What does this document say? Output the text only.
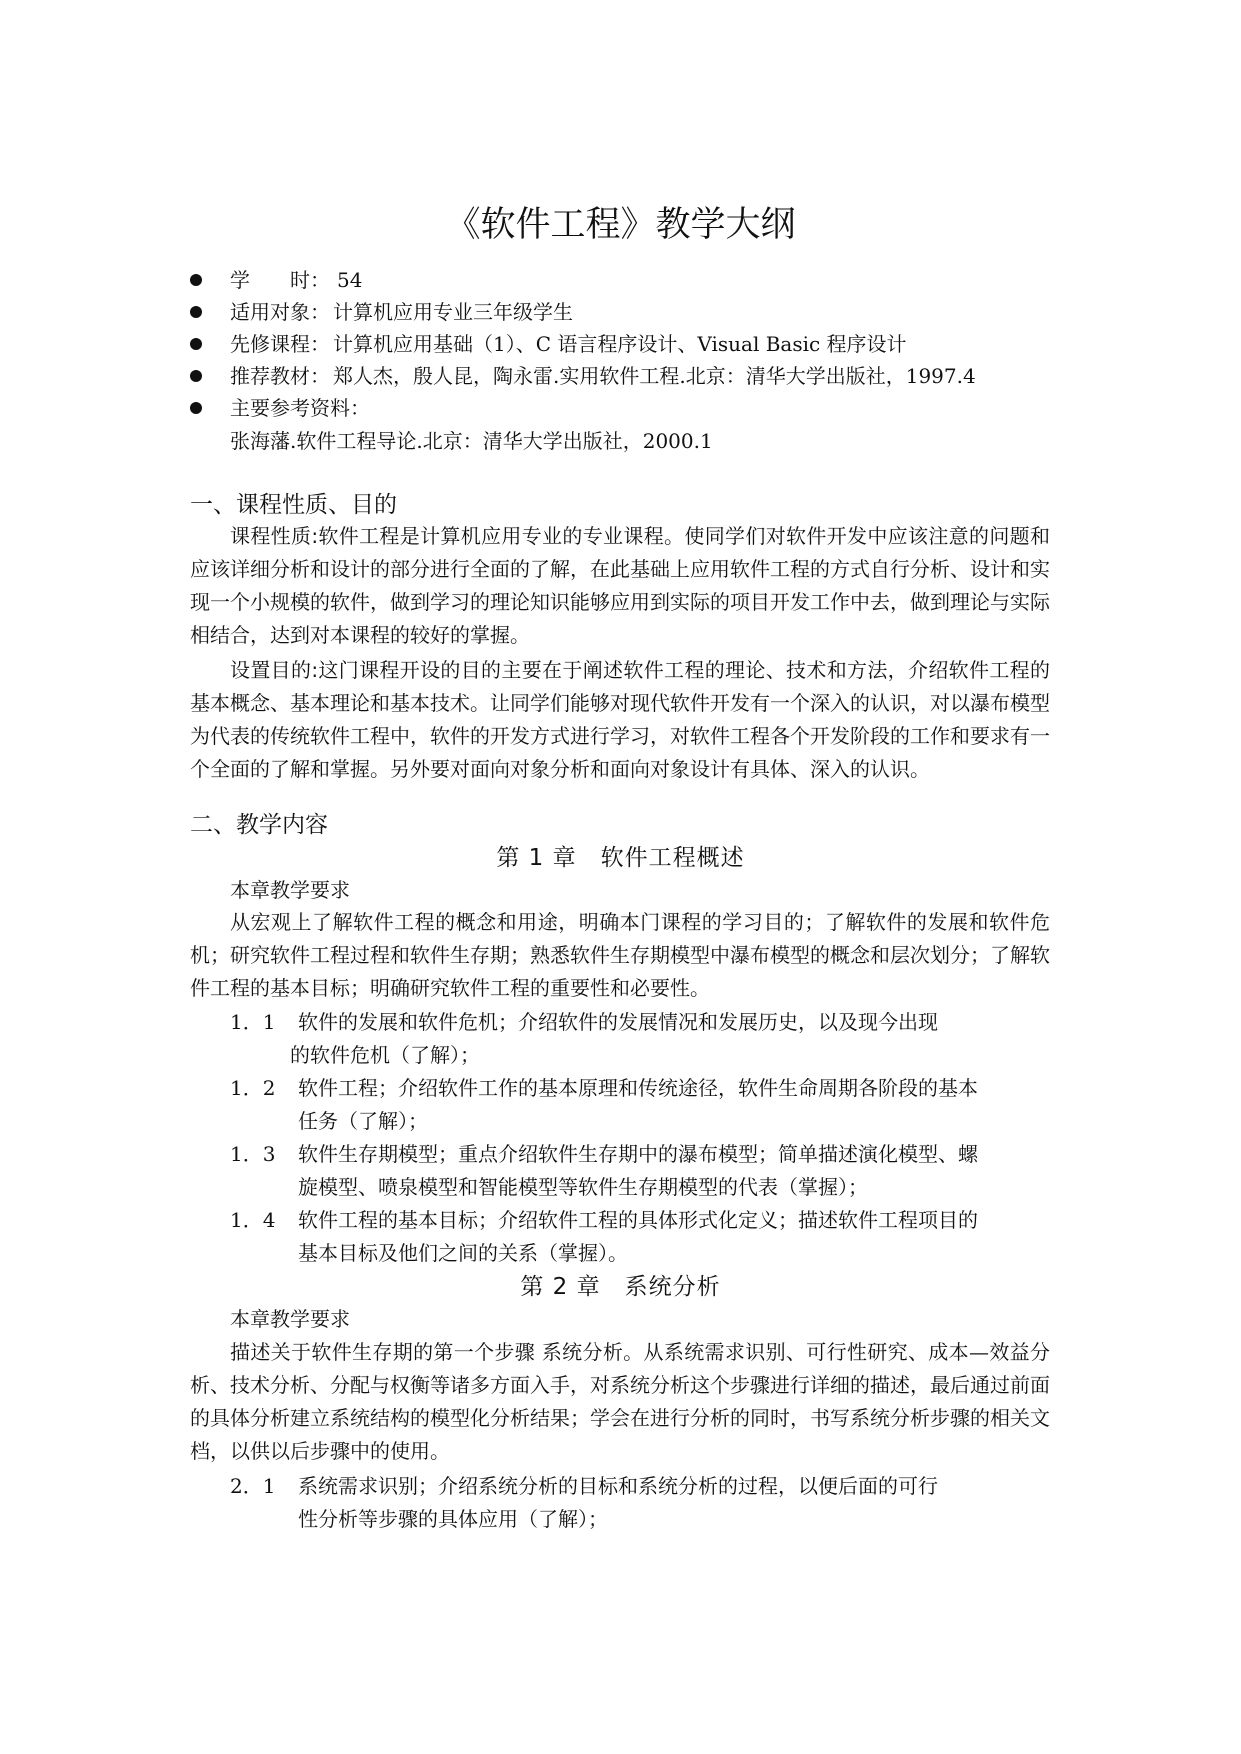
《软件工程》教学大纲
学　　时： 54
适用对象： 计算机应用专业三年级学生
先修课程： 计算机应用基础（1）、C 语言程序设计、Visual Basic 程序设计
推荐教材： 郑人杰，殷人昆，陶永雷.实用软件工程.北京：清华大学出版社，1997.4
主要参考资料：
张海藩.软件工程导论.北京：清华大学出版社，2000.1
一、课程性质、目的

课程性质:软件工程是计算机应用专业的专业课程。使同学们对软件开发中应该注意的问题和应该详细分析和设计的部分进行全面的了解，在此基础上应用软件工程的方式自行分析、设计和实现一个小规模的软件，做到学习的理论知识能够应用到实际的项目开发工作中去，做到理论与实际相结合，达到对本课程的较好的掌握。

设置目的:这门课程开设的目的主要在于阐述软件工程的理论、技术和方法，介绍软件工程的基本概念、基本理论和基本技术。让同学们能够对现代软件开发有一个深入的认识，对以瀑布模型为代表的传统软件工程中，软件的开发方式进行学习，对软件工程各个开发阶段的工作和要求有一个全面的了解和掌握。另外要对面向对象分析和面向对象设计有具体、深入的认识。

二、教学内容
第 1 章　软件工程概述
本章教学要求

从宏观上了解软件工程的概念和用途，明确本门课程的学习目的；了解软件的发展和软件危机；研究软件工程过程和软件生存期；熟悉软件生存期模型中瀑布模型的概念和层次划分；了解软件工程的基本目标；明确研究软件工程的重要性和必要性。

1．1 软件的发展和软件危机；介绍软件的发展情况和发展历史，以及现今出现
的软件危机（了解）；
1．2 软件工程；介绍软件工作的基本原理和传统途径，软件生命周期各阶段的基本
任务（了解）；
1．3 软件生存期模型；重点介绍软件生存期中的瀑布模型；简单描述演化模型、螺
旋模型、喷泉模型和智能模型等软件生存期模型的代表（掌握）；
1．4 软件工程的基本目标；介绍软件工程的具体形式化定义；描述软件工程项目的
基本目标及他们之间的关系（掌握）。
第 2 章　系统分析
本章教学要求

描述关于软件生存期的第一个步骤 系统分析。从系统需求识别、可行性研究、成本—效益分析、技术分析、分配与权衡等诸多方面入手，对系统分析这个步骤进行详细的描述，最后通过前面的具体分析建立系统结构的模型化分析结果；学会在进行分析的同时，书写系统分析步骤的相关文档，以供以后步骤中的使用。

2．1 系统需求识别；介绍系统分析的目标和系统分析的过程，以便后面的可行
性分析等步骤的具体应用（了解）；
